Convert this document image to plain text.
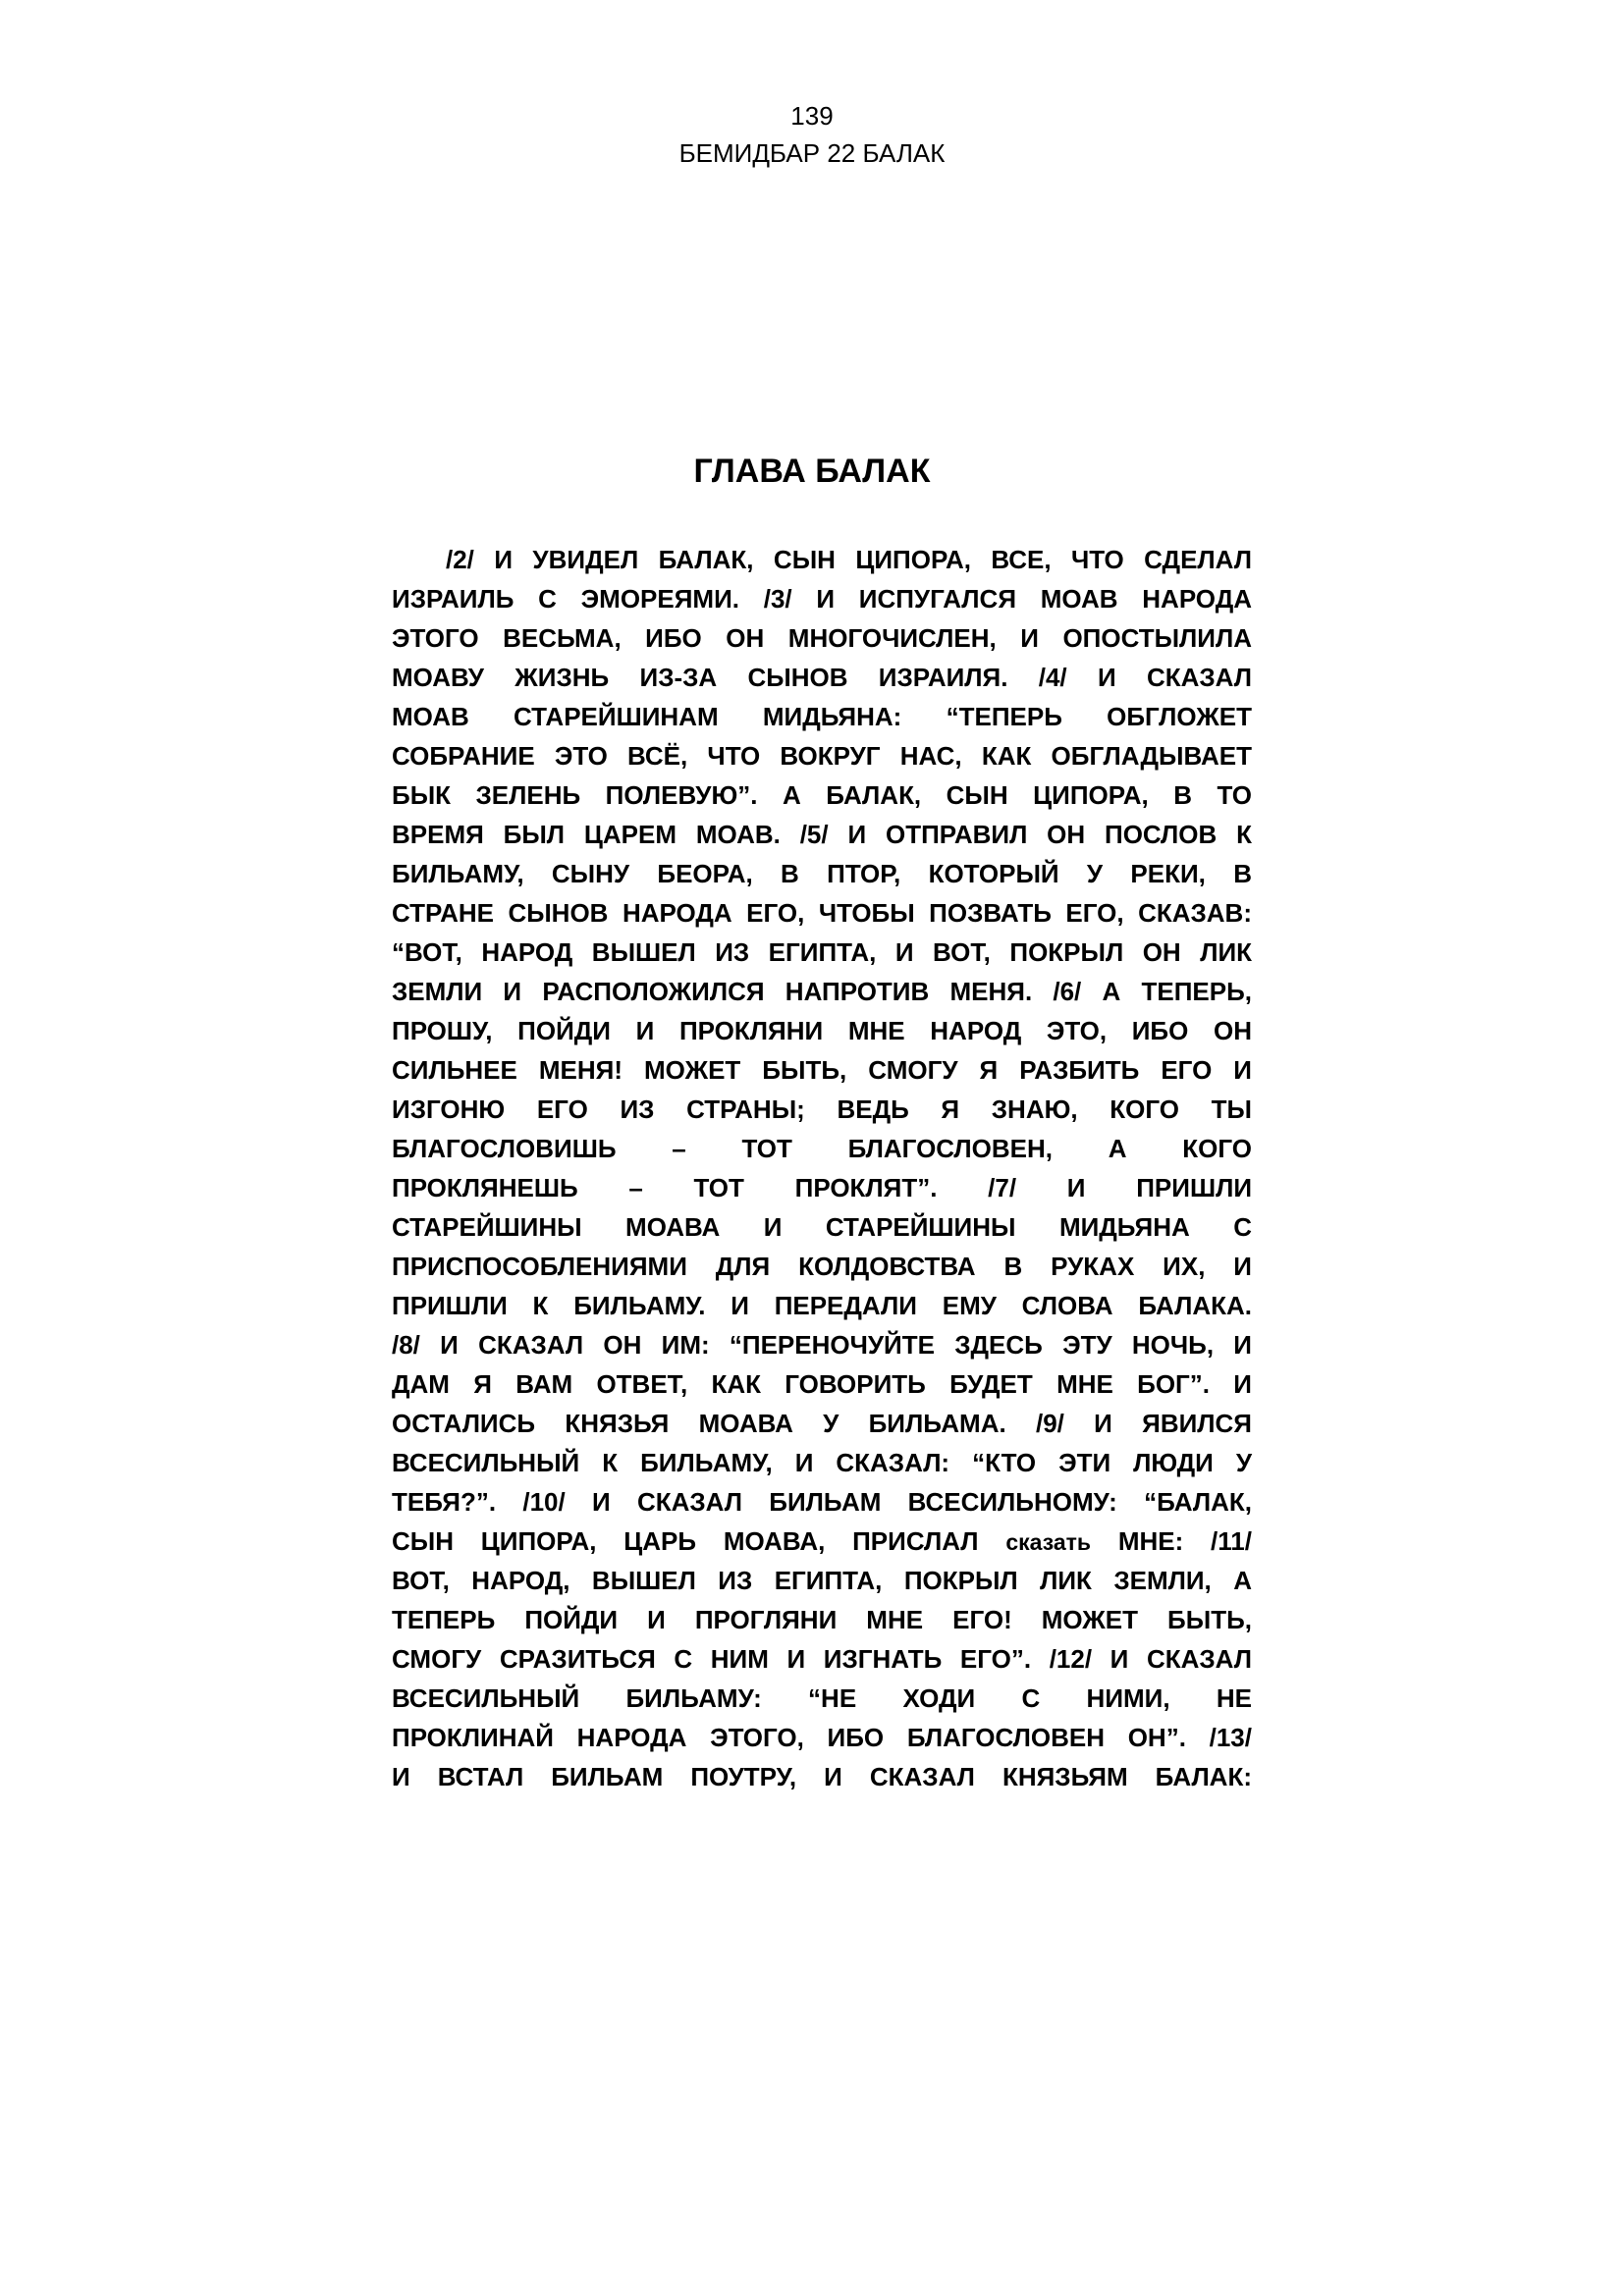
139
БЕМИДБАР 22 БАЛАК
ГЛАВА БАЛАК
/2/ И УВИДЕЛ БАЛАК, СЫН ЦИПОРА, ВСЕ, ЧТО СДЕЛАЛ
ИЗРАИЛЬ С ЭМОРЕЯМИ. /3/ И ИСПУГАЛСЯ МОАВ НАРОДА
ЭТОГО ВЕСЬМА, ИБО ОН МНОГОЧИСЛЕН, И ОПОСТЫЛИЛА
МОАВУ ЖИЗНЬ ИЗ-ЗА СЫНОВ ИЗРАИЛЯ. /4/ И СКАЗАЛ
МОАВ СТАРЕЙШИНАМ МИДЬЯНА: “ТЕПЕРЬ ОБГЛОЖЕТ
СОБРАНИЕ ЭТО ВСЁ, ЧТО ВОКРУГ НАС, КАК ОБГЛАДЫВАЕТ
БЫК ЗЕЛЕНЬ ПОЛЕВУЮ”. А БАЛАК, СЫН ЦИПОРА, В ТО
ВРЕМЯ БЫЛ ЦАРЕМ МОАВ. /5/ И ОТПРАВИЛ ОН ПОСЛОВ К
БИЛЬАМУ, СЫНУ БЕОРА, В ПТОР, КОТОРЫЙ У РЕКИ, В
СТРАНЕ СЫНОВ НАРОДА ЕГО, ЧТОБЫ ПОЗВАТЬ ЕГО, СКАЗАВ:
“ВОТ, НАРОД ВЫШЕЛ ИЗ ЕГИПТА, И ВОТ, ПОКРЫЛ ОН ЛИК
ЗЕМЛИ И РАСПОЛОЖИЛСЯ НАПРОТИВ МЕНЯ. /6/ А ТЕПЕРЬ,
ПРОШУ, ПОЙДИ И ПРОКЛЯНИ МНЕ НАРОД ЭТО, ИБО ОН
СИЛЬНЕЕ МЕНЯ! МОЖЕТ БЫТЬ, СМОГУ Я РАЗБИТЬ ЕГО И
ИЗГОНЮ ЕГО ИЗ СТРАНЫ; ВЕДЬ Я ЗНАЮ, КОГО ТЫ
БЛАГОСЛОВИШЬ – ТОТ БЛАГОСЛОВЕН, А КОГО
ПРОКЛЯНЕШЬ – ТОТ ПРОКЛЯТ”. /7/ И ПРИШЛИ
СТАРЕЙШИНЫ МОАВА И СТАРЕЙШИНЫ МИДЬЯНА С
ПРИСПОСОБЛЕНИЯМИ ДЛЯ КОЛДОВСТВА В РУКАХ ИХ, И
ПРИШЛИ К БИЛЬАМУ. И ПЕРЕДАЛИ ЕМУ СЛОВА БАЛАКА.
/8/ И СКАЗАЛ ОН ИМ: “ПЕРЕНОЧУЙТЕ ЗДЕСЬ ЭТУ НОЧЬ, И
ДАМ Я ВАМ ОТВЕТ, КАК ГОВОРИТЬ БУДЕТ МНЕ БОГ”. И
ОСТАЛИСЬ КНЯЗЬЯ МОАВА У БИЛЬАМА. /9/ И ЯВИЛСЯ
ВСЕСИЛЬНЫЙ К БИЛЬАМУ, И СКАЗАЛ: “КТО ЭТИ ЛЮДИ У
ТЕБЯ?”. /10/ И СКАЗАЛ БИЛЬАМ ВСЕСИЛЬНОМУ: “БАЛАК,
СЫН ЦИПОРА, ЦАРЬ МОАВА, ПРИСЛАЛ сказать МНЕ: /11/
ВОТ, НАРОД, ВЫШЕЛ ИЗ ЕГИПТА, ПОКРЫЛ ЛИК ЗЕМЛИ, А
ТЕПЕРЬ ПОЙДИ И ПРОГЛЯНИ МНЕ ЕГО! МОЖЕТ БЫТЬ,
СМОГУ СРАЗИТЬСЯ С НИМ И ИЗГНАТЬ ЕГО”. /12/ И СКАЗАЛ
ВСЕСИЛЬНЫЙ БИЛЬАМУ: “НЕ ХОДИ С НИМИ, НЕ
ПРОКЛИНАЙ НАРОДА ЭТОГО, ИБО БЛАГОСЛОВЕН ОН”. /13/
И ВСТАЛ БИЛЬАМ ПОУТРУ, И СКАЗАЛ КНЯЗЬЯМ БАЛАК:
